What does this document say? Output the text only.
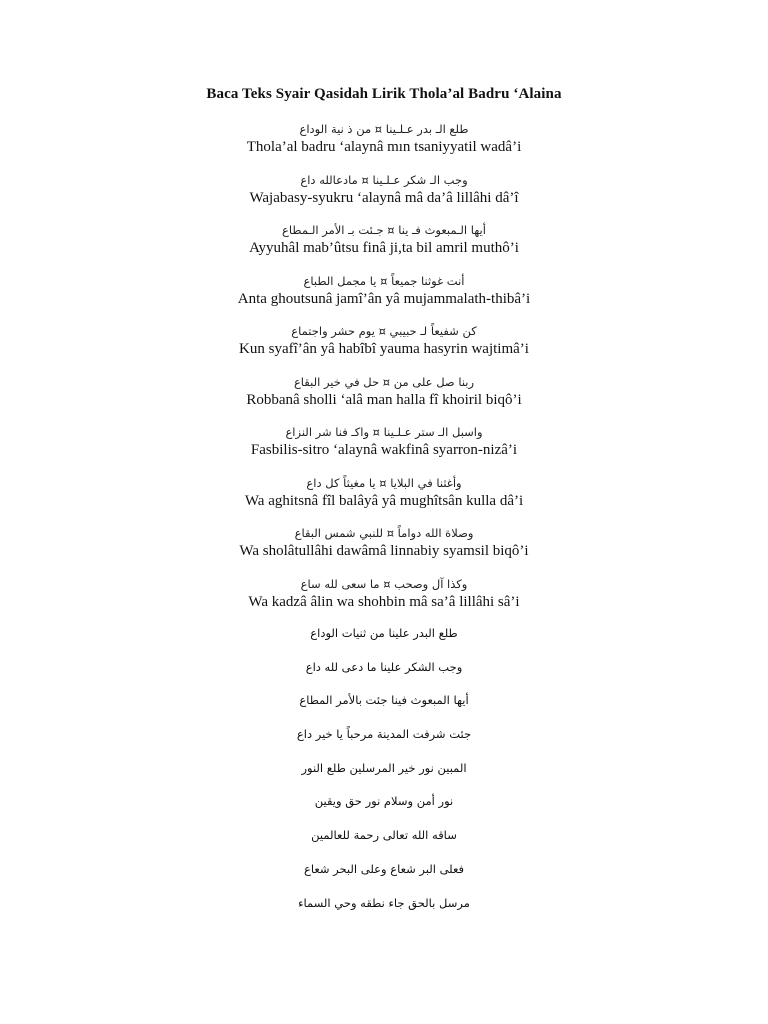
Baca Teks Syair Qasidah Lirik Thola’al Badru ‘Alaina
طلع الـ بدر عـلـينا ¤ من ذ نية الوداع
Thola’al badru ‘alaynâ mın tsaniyyatil wadâ’i
وجب الـ شكر عـلـينا ¤ مادعالله داع
Wajabasy-syukru ‘alaynâ mâ da’â lillâhi dâ’î
أيها الـمبعوث فـ ينا ¤ جـئت بـ الأمر الـمطاع
Ayyuhâl mab’ûtsu finâ ji,ta bil amril muthô’i
أنت غوثنا جميعاً ¤ يا مجمل الطباع
Anta ghoutsunâ jamî’ân yâ mujammalath-thibâ’i
كن شفيعاً لـ حبيبي ¤ يوم حشر واجتماع
Kun syafî’ân yâ habîbî yauma hasyrin wajtimâ’i
ربنا صل على من ¤ حل في خير البقاع
Robbanâ sholli ‘alâ man halla fî khoiril biqô’i
واسبل الـ ستر عـلـينا ¤ واكـ فنا شر النزاع
Fasbilis-sitro ‘alaynâ wakfinâ syarron-nizâ’i
وأغثنا في البلايا ¤ يا مغيثاً كل داع
Wa aghitsnâ fîl balâyâ yâ mughîtsân kulla dâ’i
وصلاة الله دواماً ¤ للنبي شمس البقاع
Wa sholâtullâhi dawâmâ linnabiy syamsil biqô’i
وكذا آل وصحب ¤ ما سعى لله ساع
Wa kadzâ âlin wa shohbin mâ sa’â lillâhi sâ’i
طلع البدر علينا من ثنيات الوداع
وجب الشكر علينا ما دعى لله داع
أيها المبعوث فينا جئت بالأمر المطاع
جئت شرفت المدينة مرحباً يا خير داع
المبين نور خير المرسلين طلع النور
نور أمن وسلام نور حق ويقين
ساقه الله تعالى رحمة للعالمين
فعلى البر شعاع وعلى البحر شعاع
مرسل بالحق جاء نطقه وحي السماء
